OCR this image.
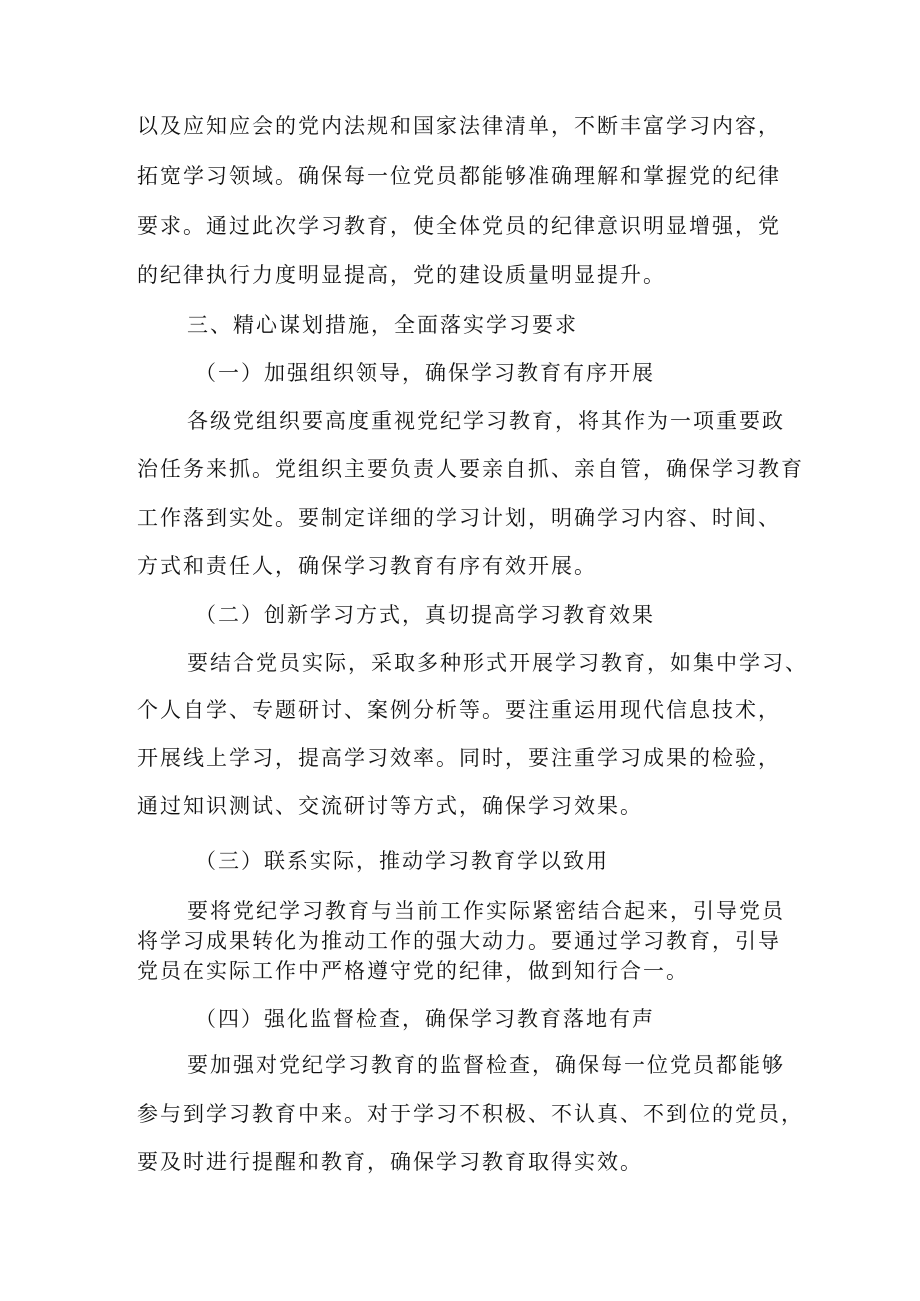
以及应知应会的党内法规和国家法律清单，不断丰富学习内容，
拓宽学习领域。确保每一位党员都能够准确理解和掌握党的纪律
要求。通过此次学习教育，使全体党员的纪律意识明显增强，党
的纪律执行力度明显提高，党的建设质量明显提升。
三、精心谋划措施，全面落实学习要求
（一）加强组织领导，确保学习教育有序开展
各级党组织要高度重视党纪学习教育，将其作为一项重要政
治任务来抓。党组织主要负责人要亲自抓、亲自管，确保学习教育
工作落到实处。要制定详细的学习计划，明确学习内容、时间、
方式和责任人，确保学习教育有序有效开展。
（二）创新学习方式，真切提高学习教育效果
要结合党员实际，采取多种形式开展学习教育，如集中学习、
个人自学、专题研讨、案例分析等。要注重运用现代信息技术，
开展线上学习，提高学习效率。同时，要注重学习成果的检验，
通过知识测试、交流研讨等方式，确保学习效果。
（三）联系实际，推动学习教育学以致用
要将党纪学习教育与当前工作实际紧密结合起来，引导党员
将学习成果转化为推动工作的强大动力。要通过学习教育，引导
党员在实际工作中严格遵守党的纪律，做到知行合一。
（四）强化监督检查，确保学习教育落地有声
要加强对党纪学习教育的监督检查，确保每一位党员都能够
参与到学习教育中来。对于学习不积极、不认真、不到位的党员，
要及时进行提醒和教育，确保学习教育取得实效。
